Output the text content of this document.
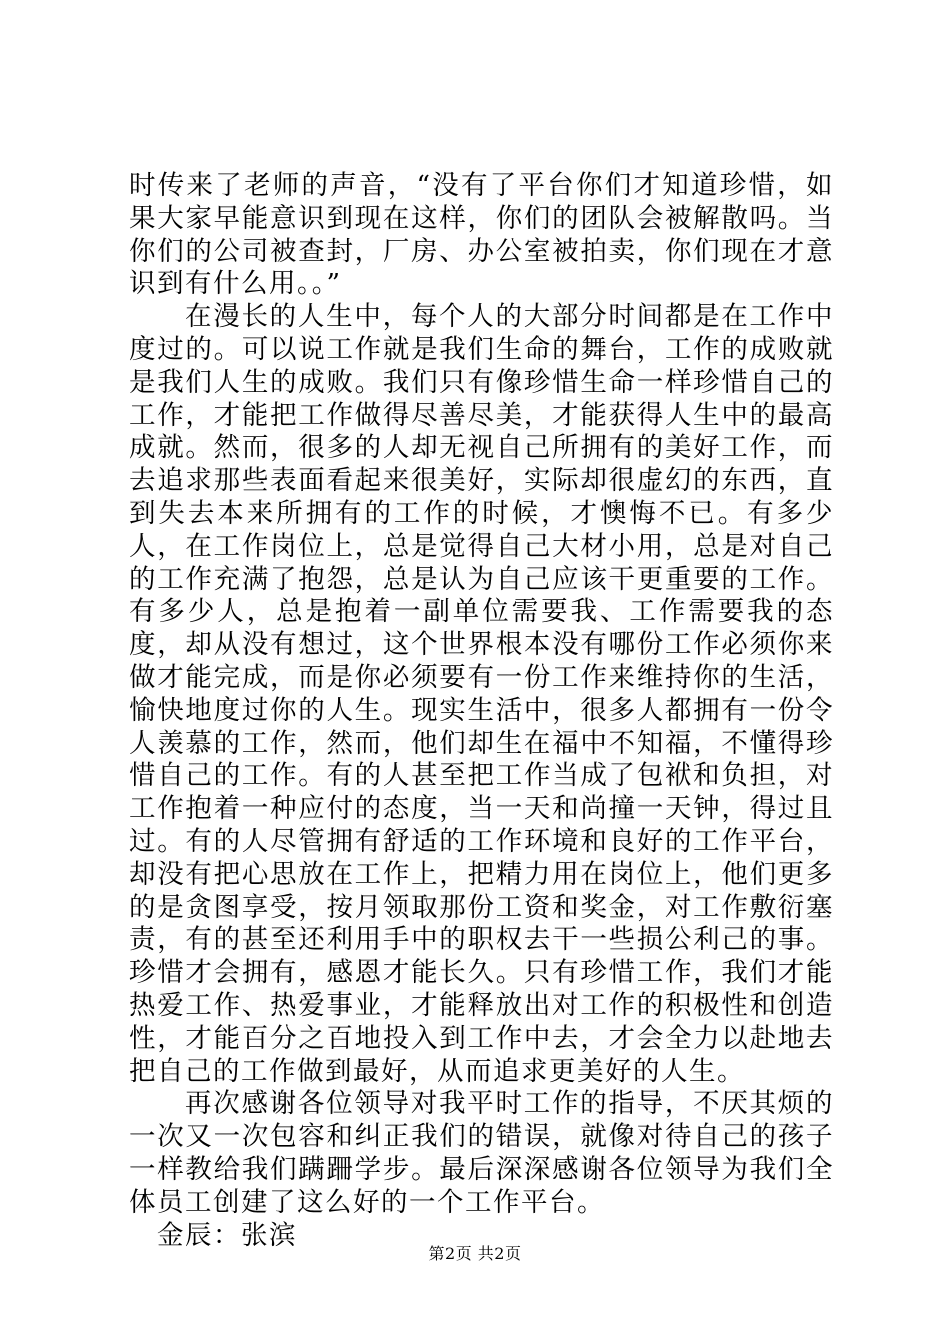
时传来了老师的声音，“没有了平台你们才知道珍惜，如果大家早能意识到现在这样，你们的团队会被解散吗。当你们的公司被查封，厂房、办公室被拍卖，你们现在才意识到有什么用。。”

在漫长的人生中，每个人的大部分时间都是在工作中度过的。可以说工作就是我们生命的舞台，工作的成败就是我们人生的成败。我们只有像珍惜生命一样珍惜自己的工作，才能把工作做得尽善尽美，才能获得人生中的最高成就。然而，很多的人却无视自己所拥有的美好工作，而去追求那些表面看起来很美好，实际却很虚幻的东西，直到失去本来所拥有的工作的时候，才懊悔不已。有多少人，在工作岗位上，总是觉得自己大材小用，总是对自己的工作充满了抱怨，总是认为自己应该干更重要的工作。有多少人，总是抱着一副单位需要我、工作需要我的态度，却从没有想过，这个世界根本没有哪份工作必须你来做才能完成，而是你必须要有一份工作来维持你的生活，愉快地度过你的人生。现实生活中，很多人都拥有一份令人羡慕的工作，然而，他们却生在福中不知福，不懂得珍惜自己的工作。有的人甚至把工作当成了包袱和负担，对工作抱着一种应付的态度，当一天和尚撞一天钟，得过且过。有的人尽管拥有舒适的工作环境和良好的工作平台，却没有把心思放在工作上，把精力用在岗位上，他们更多的是贪图享受，按月领取那份工资和奖金，对工作敷衍塞责，有的甚至还利用手中的职权去干一些损公利己的事。珍惜才会拥有，感恩才能长久。只有珍惜工作，我们才能热爱工作、热爱事业，才能释放出对工作的积极性和创造性，才能百分之百地投入到工作中去，才会全力以赴地去把自己的工作做到最好，从而追求更美好的人生。

再次感谢各位领导对我平时工作的指导，不厌其烦的一次又一次包容和纠正我们的错误，就像对待自己的孩子一样教给我们蹒跚学步。最后深深感谢各位领导为我们全体员工创建了这么好的一个工作平台。

金辰：张滨

第2页 共2页
